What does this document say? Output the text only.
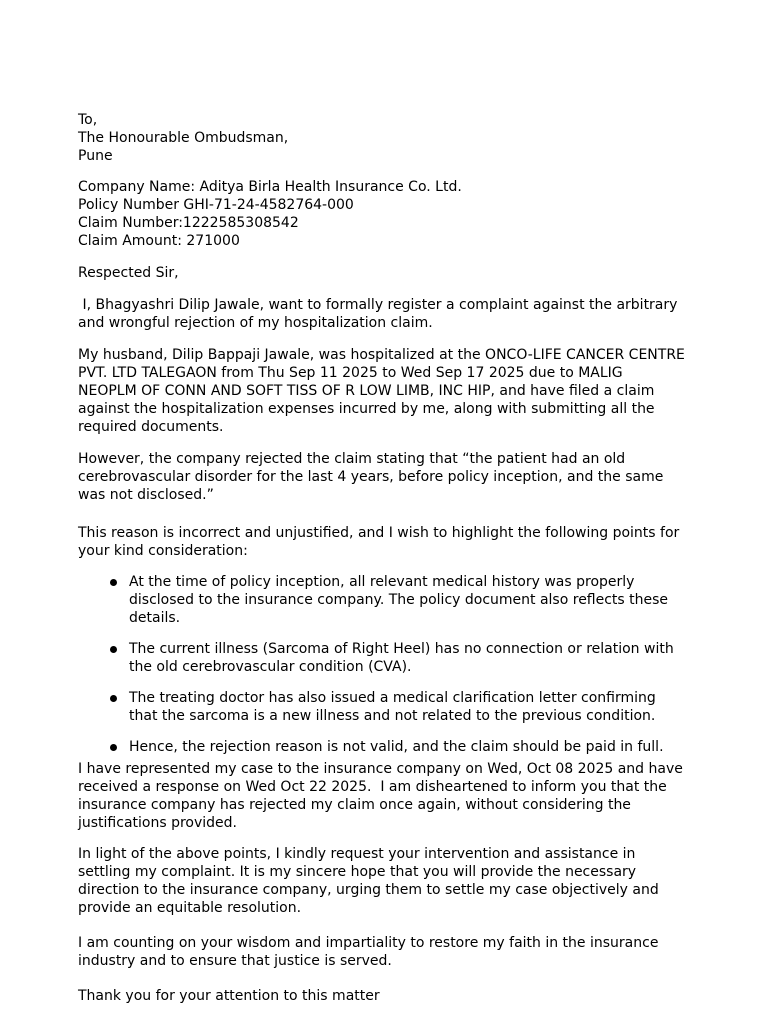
To,
The Honourable Ombudsman,
Pune
Company Name: Aditya Birla Health Insurance Co. Ltd.
Policy Number GHI-71-24-4582764-000
Claim Number:1222585308542
Claim Amount: 271000
Respected Sir,
I, Bhagyashri Dilip Jawale, want to formally register a complaint against the arbitrary
and wrongful rejection of my hospitalization claim.
My husband, Dilip Bappaji Jawale, was hospitalized at the ONCO-LIFE CANCER CENTRE
PVT. LTD TALEGAON from Thu Sep 11 2025 to Wed Sep 17 2025 due to MALIG
NEOPLM OF CONN AND SOFT TISS OF R LOW LIMB, INC HIP, and have filed a claim
against the hospitalization expenses incurred by me, along with submitting all the
required documents.
However, the company rejected the claim stating that “the patient had an old
cerebrovascular disorder for the last 4 years, before policy inception, and the same
was not disclosed.”
This reason is incorrect and unjustified, and I wish to highlight the following points for
your kind consideration:
At the time of policy inception, all relevant medical history was properly
disclosed to the insurance company. The policy document also reflects these
details.
The current illness (Sarcoma of Right Heel) has no connection or relation with
the old cerebrovascular condition (CVA).
The treating doctor has also issued a medical clarification letter confirming
that the sarcoma is a new illness and not related to the previous condition.
Hence, the rejection reason is not valid, and the claim should be paid in full.
I have represented my case to the insurance company on Wed, Oct 08 2025 and have
received a response on Wed Oct 22 2025.  I am disheartened to inform you that the
insurance company has rejected my claim once again, without considering the
justifications provided.
In light of the above points, I kindly request your intervention and assistance in
settling my complaint. It is my sincere hope that you will provide the necessary
direction to the insurance company, urging them to settle my case objectively and
provide an equitable resolution.
I am counting on your wisdom and impartiality to restore my faith in the insurance
industry and to ensure that justice is served.
Thank you for your attention to this matter
